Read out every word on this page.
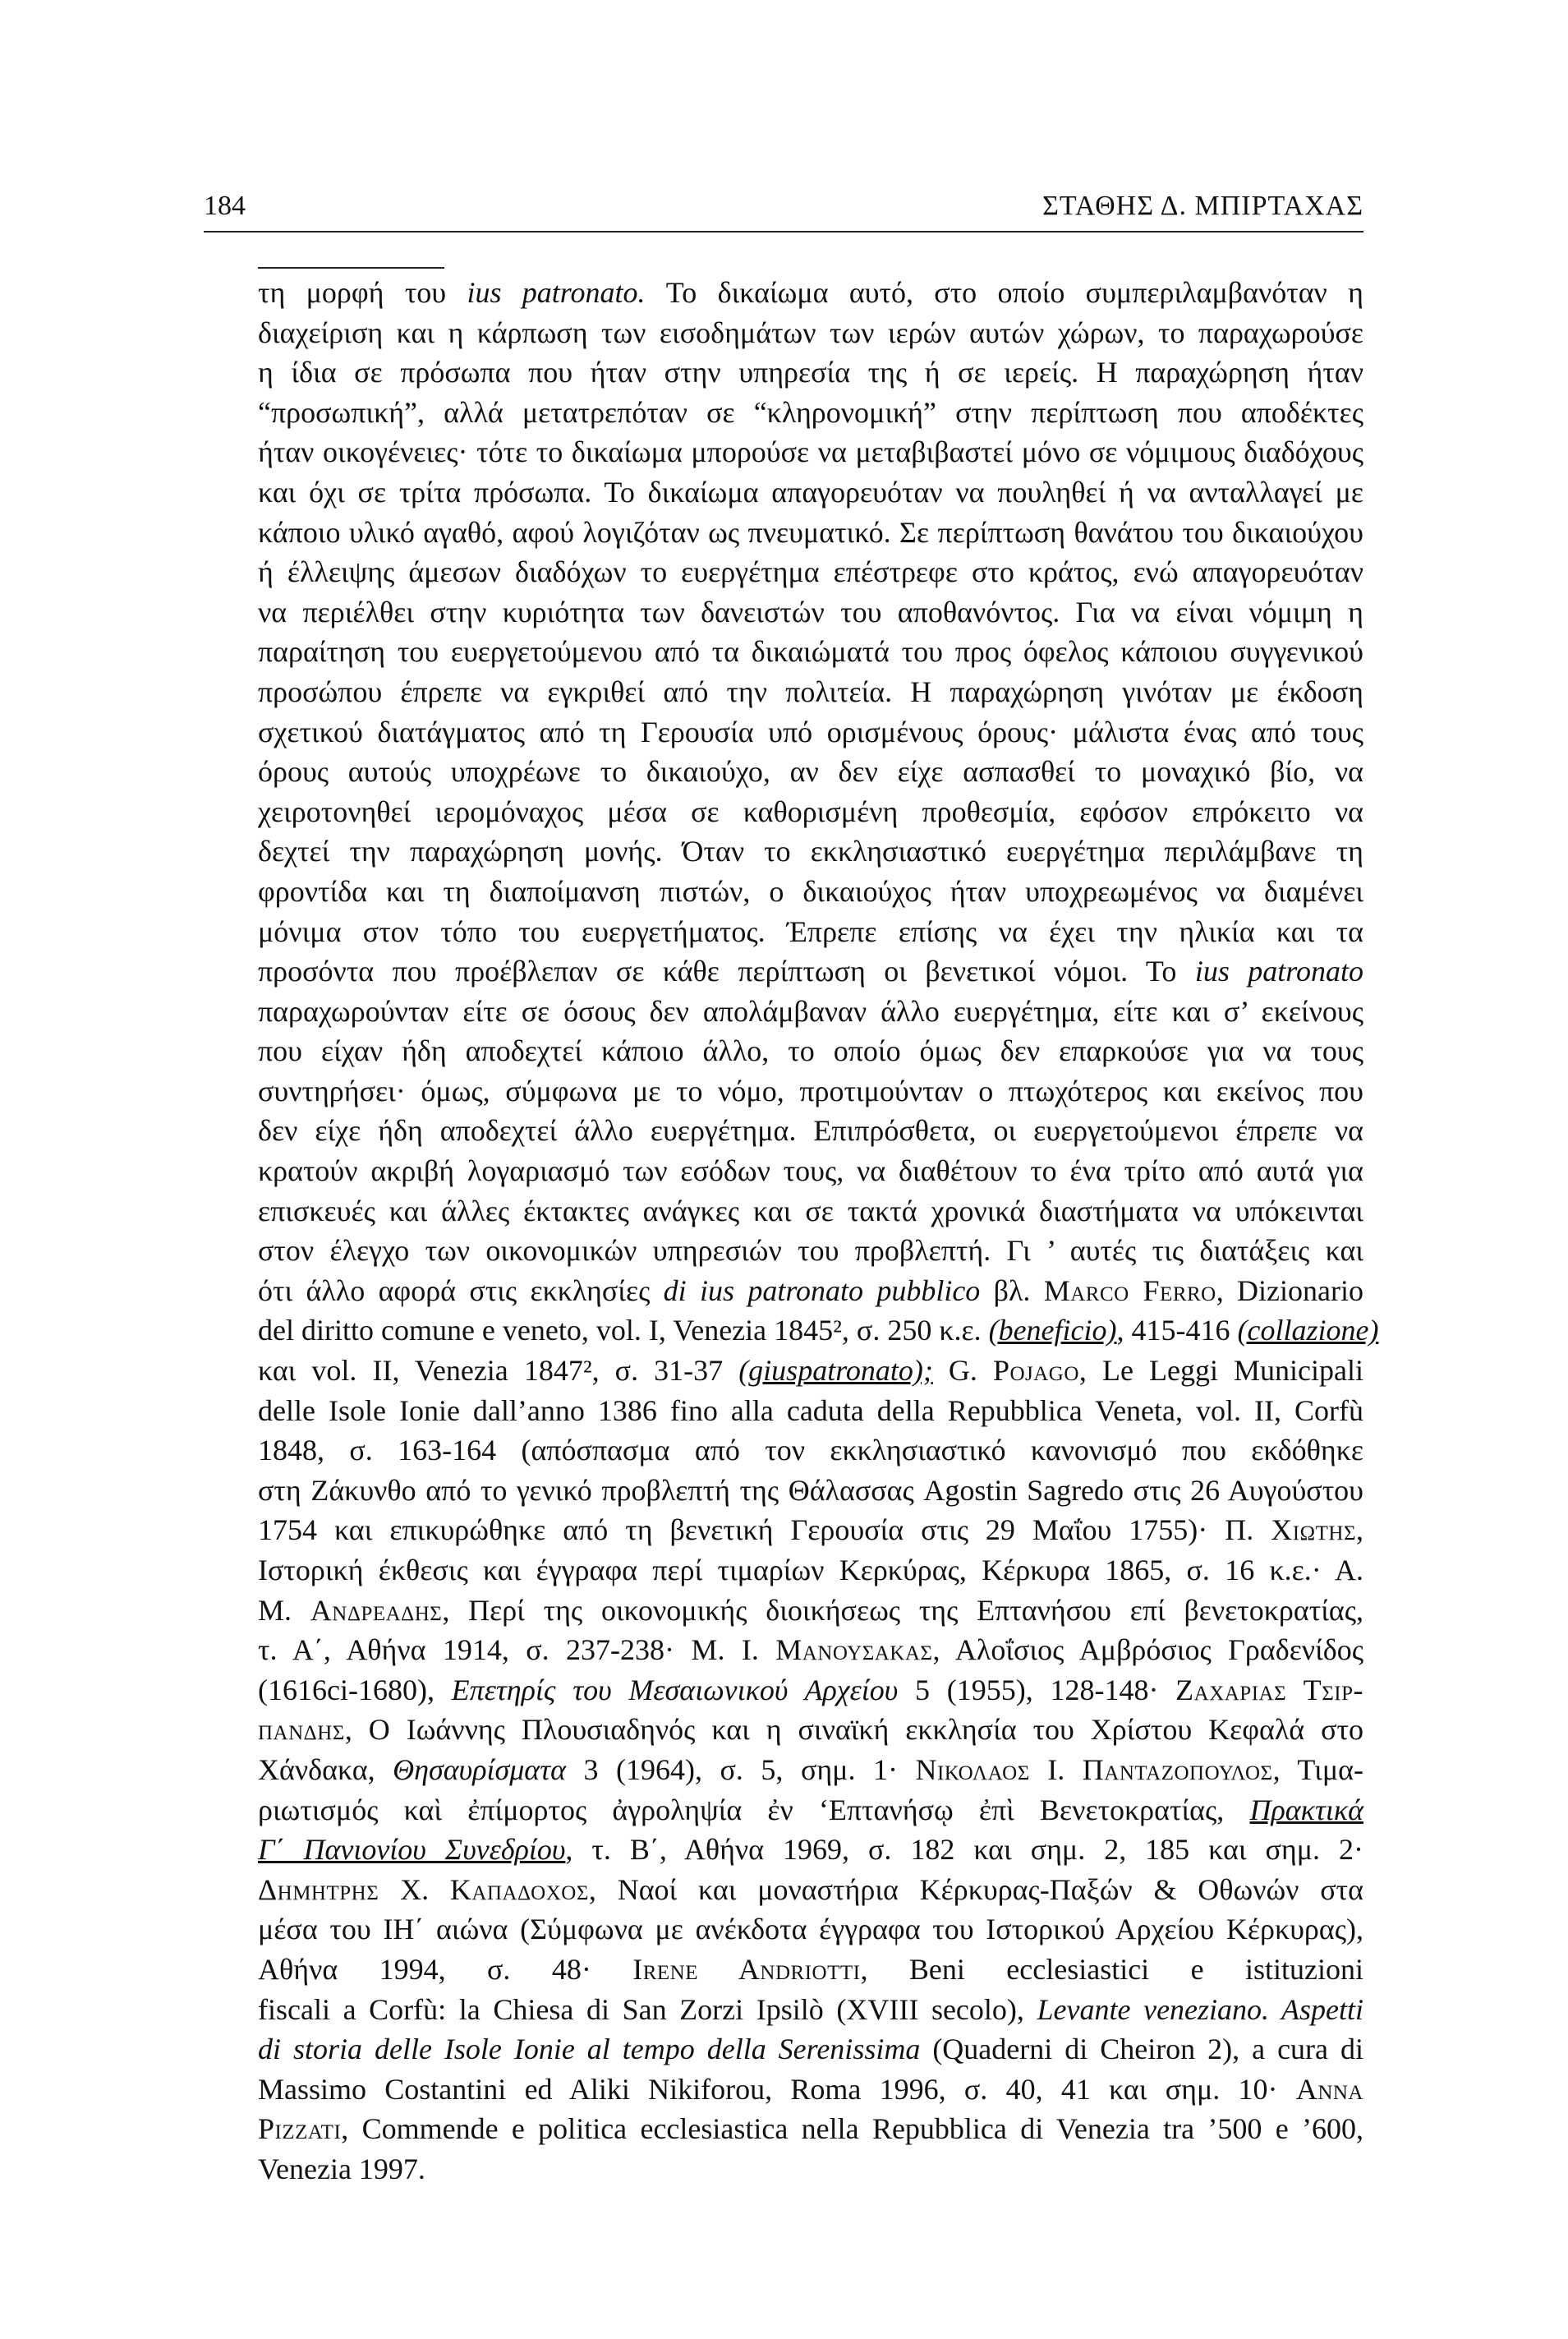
184	ΣΤΑΘΗΣ Δ. ΜΠΙΡΤΑΧΑΣ
τη μορφή του ius patronato. Το δικαίωμα αυτό, στο οποίο συμπεριλαμβανόταν η
διαχείριση και η κάρπωση των εισοδημάτων των ιερών αυτών χώρων, το παραχωρούσε
η ίδια σε πρόσωπα που ήταν στην υπηρεσία της ή σε ιερείς. Η παραχώρηση ήταν
“προσωπική”, αλλά μετατρεπόταν σε “κληρονομική” στην περίπτωση που αποδέκτες
ήταν οικογένειες· τότε το δικαίωμα μπορούσε να μεταβιβαστεί μόνο σε νόμιμους διαδόχους
και όχι σε τρίτα πρόσωπα. Το δικαίωμα απαγορευόταν να πουληθεί ή να ανταλλαγεί με
κάποιο υλικό αγαθό, αφού λογιζόταν ως πνευματικό. Σε περίπτωση θανάτου του δικαιούχου
ή έλλειψης άμεσων διαδόχων το ευεργέτημα επέστρεφε στο κράτος, ενώ απαγορευόταν
να περιέλθει στην κυριότητα των δανειστών του αποθανόντος. Για να είναι νόμιμη η
παραίτηση του ευεργετούμενου από τα δικαιώματά του προς όφελος κάποιου συγγενικού
προσώπου έπρεπε να εγκριθεί από την πολιτεία. Η παραχώρηση γινόταν με έκδοση
σχετικού διατάγματος από τη Γερουσία υπό ορισμένους όρους· μάλιστα ένας από τους
όρους αυτούς υποχρέωνε το δικαιούχο, αν δεν είχε ασπασθεί το μοναχικό βίο, να
χειροτονηθεί ιερομόναχος μέσα σε καθορισμένη προθεσμία, εφόσον επρόκειτο να
δεχτεί την παραχώρηση μονής. Όταν το εκκλησιαστικό ευεργέτημα περιλάμβανε τη
φροντίδα και τη διαποίμανση πιστών, ο δικαιούχος ήταν υποχρεωμένος να διαμένει
μόνιμα στον τόπο του ευεργετήματος. Έπρεπε επίσης να έχει την ηλικία και τα
προσόντα που προέβλεπαν σε κάθε περίπτωση οι βενετικοί νόμοι. Το ius patronato
παραχωρούνταν είτε σε όσους δεν απολάμβαναν άλλο ευεργέτημα, είτε και σ’ εκείνους
που είχαν ήδη αποδεχτεί κάποιο άλλο, το οποίο όμως δεν επαρκούσε για να τους
συντηρήσει· όμως, σύμφωνα με το νόμο, προτιμούνταν ο πτωχότερος και εκείνος που
δεν είχε ήδη αποδεχτεί άλλο ευεργέτημα. Επιπρόσθετα, οι ευεργετούμενοι έπρεπε να
κρατούν ακριβή λογαριασμό των εσόδων τους, να διαθέτουν το ένα τρίτο από αυτά για
επισκευές και άλλες έκτακτες ανάγκες και σε τακτά χρονικά διαστήματα να υπόκεινται
στον έλεγχο των οικονομικών υπηρεσιών του προβλεπτή. Γι ’ αυτές τις διατάξεις και
ότι άλλο αφορά στις εκκλησίες di ius patronato pubblico βλ. Marco Ferro, Dizionario
del diritto comune e veneto, vol. I, Venezia 1845², σ. 250 κ.ε. (beneficio), 415-416 (collazione)
και vol. II, Venezia 1847², σ. 31-37 (giuspatronato); G. Pojago, Le Leggi Municipali
delle Isole Ionie dall’anno 1386 fino alla caduta della Repubblica Veneta, vol. II, Corfù
1848, σ. 163-164 (απόσπασμα από τον εκκλησιαστικό κανονισμό που εκδόθηκε
στη Ζάκυνθο από το γενικό προβλεπτή της Θάλασσας Agostin Sagredo στις 26 Αυγούστου
1754 και επικυρώθηκε από τη βενετική Γερουσία στις 29 Μαΐου 1755)· Π. Χιωτης,
Ιστορική έκθεσις και έγγραφα περί τιμαρίων Κερκύρας, Κέρκυρα 1865, σ. 16 κ.ε.· Α.
Μ. Ανδρεαδης, Περί της οικονομικής διοικήσεως της Επτανήσου επί βενετοκρατίας,
τ. Α΄, Αθήνα 1914, σ. 237-238· Μ. Ι. Μανουσακας, Αλοΐσιος Αμβρόσιος Γραδενίδος
(1616ci-1680), Επετηρίς του Μεσαιωνικού Αρχείου 5 (1955), 128-148· Ζαχαριας Τσιρ-
πανδης, Ο Ιωάννης Πλουσιαδηνός και η σιναϊκή εκκλησία του Χρίστου Κεφαλά στο
Χάνδακα, Θησαυρίσματα 3 (1964), σ. 5, σημ. 1· Νικολαος Ι. Πανταζοπουλος, Τιμα-
ριωτισμός καὶ ἐπίμορτος ἀγροληψία ἐν ‘Επτανήσῳ ἐπὶ Βενετοκρατίας, Πρακτικά
Γ΄ Πανιονίου Συνεδρίου, τ. Β΄, Αθήνα 1969, σ. 182 και σημ. 2, 185 και σημ. 2·
Δημητρης Χ. Καπαδοχος, Ναοί και μοναστήρια Κέρκυρας-Παξών & Οθωνών στα
μέσα του ΙΗ΄ αιώνα (Σύμφωνα με ανέκδοτα έγγραφα του Ιστορικού Αρχείου Κέρκυρας),
Αθήνα 1994, σ. 48· Irene Andriotti, Beni ecclesiastici e istituzioni
fiscali a Corfù: la Chiesa di San Zorzi Ipsilò (XVIII secolo), Levante veneziano. Aspetti
di storia delle Isole Ionie al tempo della Serenissima (Quaderni di Cheiron 2), a cura di
Massimo Costantini ed Aliki Nikiforou, Roma 1996, σ. 40, 41 και σημ. 10· Anna
Pizzati, Commende e politica ecclesiastica nella Repubblica di Venezia tra ’500 e ’600,
Venezia 1997.
